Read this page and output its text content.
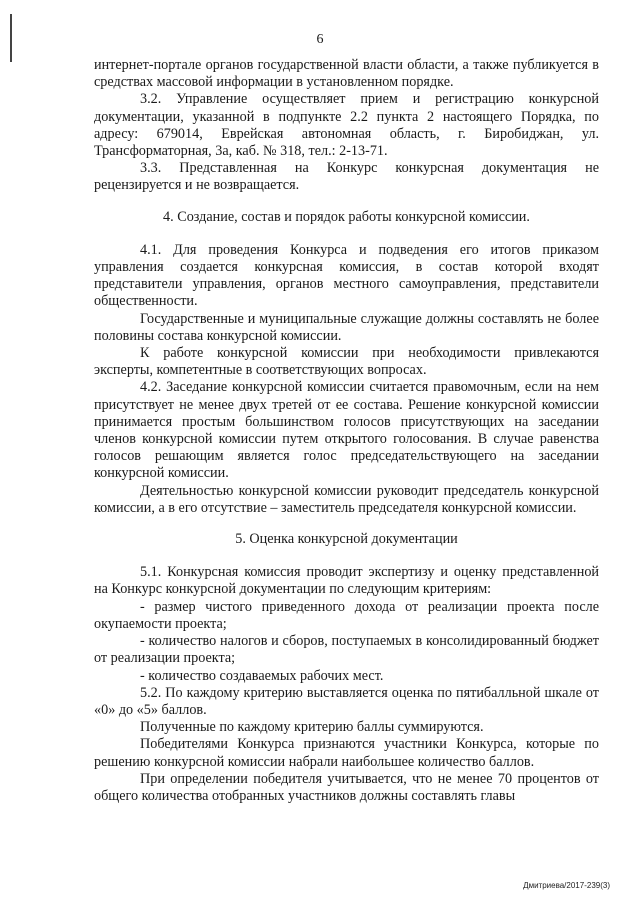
6

интернет-портале органов государственной власти области, а также публикуется в средствах массовой информации в установленном порядке.

3.2. Управление осуществляет прием и регистрацию конкурсной документации, указанной в подпункте 2.2 пункта 2 настоящего Порядка, по адресу: 679014, Еврейская автономная область, г. Биробиджан, ул. Трансформаторная, 3а, каб. № 318, тел.: 2-13-71.

3.3. Представленная на Конкурс конкурсная документация не рецензируется и не возвращается.

4. Создание, состав и порядок работы конкурсной комиссии.

4.1. Для проведения Конкурса и подведения его итогов приказом управления создается конкурсная комиссия, в состав которой входят представители управления, органов местного самоуправления, представители общественности.

Государственные и муниципальные служащие должны составлять не более половины состава конкурсной комиссии.

К работе конкурсной комиссии при необходимости привлекаются эксперты, компетентные в соответствующих вопросах.

4.2. Заседание конкурсной комиссии считается правомочным, если на нем присутствует не менее двух третей от ее состава. Решение конкурсной комиссии принимается простым большинством голосов присутствующих на заседании членов конкурсной комиссии путем открытого голосования. В случае равенства голосов решающим является голос председательствующего на заседании конкурсной комиссии.

Деятельностью конкурсной комиссии руководит председатель конкурсной комиссии, а в его отсутствие – заместитель председателя конкурсной комиссии.

5. Оценка конкурсной документации

5.1. Конкурсная комиссия проводит экспертизу и оценку представленной на Конкурс конкурсной документации по следующим критериям:

- размер чистого приведенного дохода от реализации проекта после окупаемости проекта;

- количество налогов и сборов, поступаемых в консолидированный бюджет от реализации проекта;

- количество создаваемых рабочих мест.

5.2. По каждому критерию выставляется оценка по пятибалльной шкале от «0» до «5» баллов.

Полученные по каждому критерию баллы суммируются.

Победителями Конкурса признаются участники Конкурса, которые по решению конкурсной комиссии набрали наибольшее количество баллов.

При определении победителя учитывается, что не менее 70 процентов от общего количества отобранных участников должны составлять главы

Дмитриева/2017-239(3)
